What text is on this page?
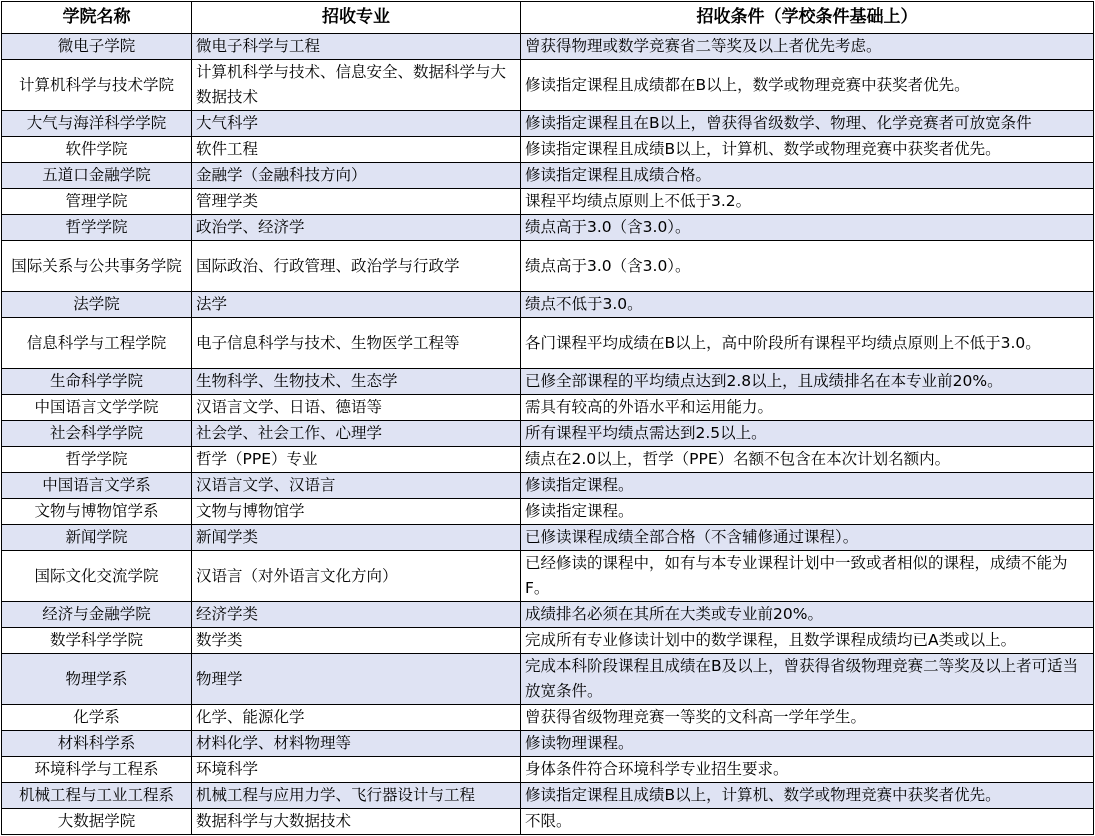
学院名称	招收专业	招收条件（学校条件基础上）
微电子学院	微电子科学与工程	曾获得物理或数学竞赛省二等奖及以上者优先考虑。
计算机科学与技术学院	计算机科学与技术、信息安全、数据科学与大数据技术	修读指定课程且成绩都在B以上，数学或物理竞赛中获奖者优先。
大气与海洋科学学院	大气科学	修读指定课程且在B以上，曾获得省级数学、物理、化学竞赛者可放宽条件
软件学院	软件工程	修读指定课程且成绩B以上，计算机、数学或物理竞赛中获奖者优先。
五道口金融学院	金融学（金融科技方向）	修读指定课程且成绩合格。
管理学院	管理学类	课程平均绩点原则上不低于3.2。
哲学学院	政治学、经济学	绩点高于3.0（含3.0）。
国际关系与公共事务学院	国际政治、行政管理、政治学与行政学	绩点高于3.0（含3.0）。
法学院	法学	绩点不低于3.0。
信息科学与工程学院	电子信息科学与技术、生物医学工程等	各门课程平均成绩在B以上，高中阶段所有课程平均绩点原则上不低于3.0。
生命科学学院	生物科学、生物技术、生态学	已修全部课程的平均绩点达到2.8以上，且成绩排名在本专业前20%。
中国语言文学学院	汉语言文学、日语、德语等	需具有较高的外语水平和运用能力。
社会科学学院	社会学、社会工作、心理学	所有课程平均绩点需达到2.5以上。
哲学学院	哲学（PPE）专业	绩点在2.0以上，哲学（PPE）名额不包含在本次计划名额内。
中国语言文学系	汉语言文学、汉语言	修读指定课程。
文物与博物馆学系	文物与博物馆学	修读指定课程。
新闻学院	新闻学类	已修读课程成绩全部合格（不含辅修通过课程）。
国际文化交流学院	汉语言（对外语言文化方向）	已经修读的课程中，如有与本专业课程计划中一致或者相似的课程，成绩不能为F。
经济与金融学院	经济学类	成绩排名必须在其所在大类或专业前20%。
数学科学学院	数学类	完成所有专业修读计划中的数学课程，且数学课程成绩均已A类或以上。
物理学系	物理学	完成本科阶段课程且成绩在B及以上，曾获得省级物理竞赛二等奖及以上者可适当放宽条件。
化学系	化学、能源化学	曾获得省级物理竞赛一等奖的文科高一学年学生。
材料科学系	材料化学、材料物理等	修读物理课程。
环境科学与工程系	环境科学	身体条件符合环境科学专业招生要求。
机械工程与工业工程系	机械工程与应用力学、飞行器设计与工程	修读指定课程且成绩B以上，计算机、数学或物理竞赛中获奖者优先。
大数据学院	数据科学与大数据技术	不限。
